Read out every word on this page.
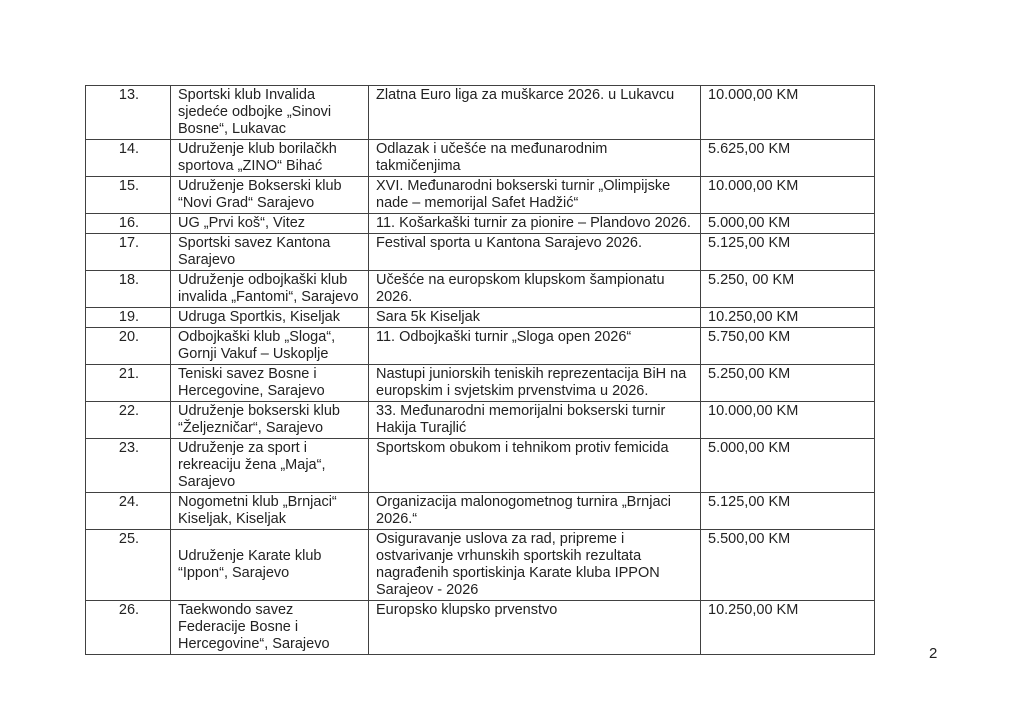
13.	Sportski klub Invalida sjedeće odbojke „Sinovi Bosne“, Lukavac	Zlatna Euro liga za muškarce 2026. u Lukavcu	10.000,00 KM
14.	Udruženje klub borilačkh sportova „ZINO“ Bihać	Odlazak i učešće na međunarodnim takmičenjima	5.625,00 KM
15.	Udruženje Bokserski klub “Novi Grad“ Sarajevo	XVI. Međunarodni bokserski turnir „Olimpijske nade – memorijal Safet Hadžić“	10.000,00 KM
16.	UG „Prvi koš“, Vitez	11. Košarkaški turnir za pionire – Plandovo 2026.	5.000,00 KM
17.	Sportski savez Kantona Sarajevo	Festival sporta u Kantona Sarajevo 2026.	5.125,00 KM
18.	Udruženje odbojkaški klub invalida „Fantomi“, Sarajevo	Učešće na europskom klupskom šampionatu 2026.	5.250, 00 KM
19.	Udruga Sportkis, Kiseljak	Sara 5k Kiseljak	10.250,00 KM
20.	Odbojkaški klub „Sloga“, Gornji Vakuf – Uskoplje	11. Odbojkaški turnir „Sloga open 2026“	5.750,00 KM
21.	Teniski savez Bosne i Hercegovine, Sarajevo	Nastupi juniorskih teniskih reprezentacija BiH na europskim i svjetskim prvenstvima u 2026.	5.250,00 KM
22.	Udruženje bokserski klub “Željezničar“, Sarajevo	33. Međunarodni memorijalni bokserski turnir Hakija Turajlić	10.000,00 KM
23.	Udruženje za sport i rekreaciju žena „Maja“, Sarajevo	Sportskom obukom i tehnikom protiv femicida	5.000,00 KM
24.	Nogometni klub „Brnjaci“ Kiseljak, Kiseljak	Organizacija malonogometnog turnira „Brnjaci 2026.“	5.125,00 KM
25.	Udruženje Karate klub “Ippon“, Sarajevo	Osiguravanje uslova za rad, pripreme i ostvarivanje vrhunskih sportskih rezultata nagrađenih sportiskinja Karate kluba IPPON Sarajeov - 2026	5.500,00 KM
26.	Taekwondo savez Federacije Bosne i Hercegovine“, Sarajevo	Europsko klupsko prvenstvo	10.250,00 KM
2
